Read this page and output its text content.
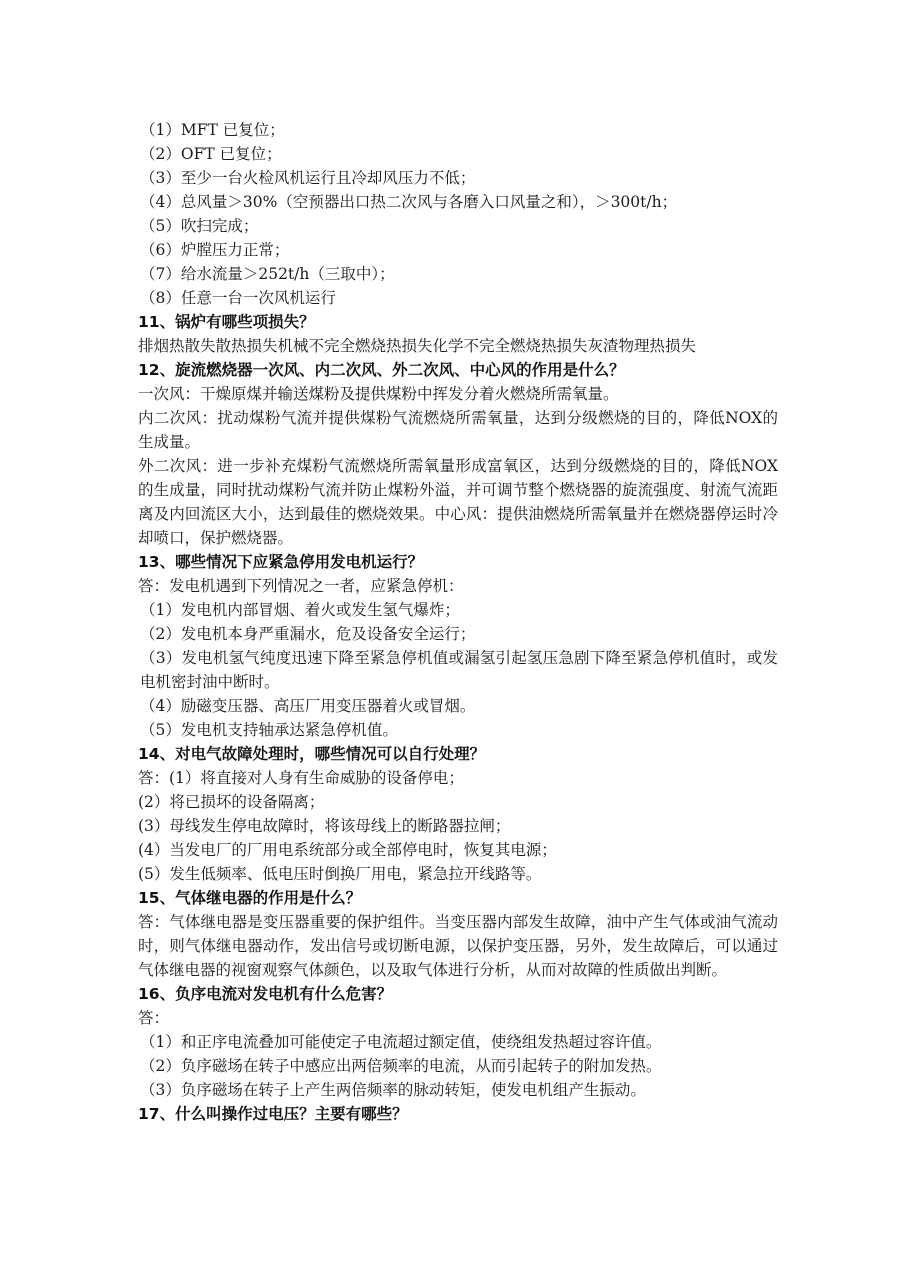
（1）MFT 已复位；
（2）OFT 已复位；
（3）至少一台火检风机运行且冷却风压力不低；
（4）总风量＞30%（空预器出口热二次风与各磨入口风量之和），＞300t/h；
（5）吹扫完成；
（6）炉膛压力正常；
（7）给水流量＞252t/h（三取中）；
（8）任意一台一次风机运行
11、锅炉有哪些项损失？
排烟热散失散热损失机械不完全燃烧热损失化学不完全燃烧热损失灰渣物理热损失
12、旋流燃烧器一次风、内二次风、外二次风、中心风的作用是什么？
一次风：干燥原煤并输送煤粉及提供煤粉中挥发分着火燃烧所需氧量。
内二次风：扰动煤粉气流并提供煤粉气流燃烧所需氧量，达到分级燃烧的目的，降低NOX的生成量。
外二次风：进一步补充煤粉气流燃烧所需氧量形成富氧区，达到分级燃烧的目的，降低NOX的生成量，同时扰动煤粉气流并防止煤粉外溢，并可调节整个燃烧器的旋流强度、射流气流距离及内回流区大小，达到最佳的燃烧效果。中心风：提供油燃烧所需氧量并在燃烧器停运时冷却喷口，保护燃烧器。
13、哪些情况下应紧急停用发电机运行？
答：发电机遇到下列情况之一者，应紧急停机：
（1）发电机内部冒烟、着火或发生氢气爆炸；
（2）发电机本身严重漏水，危及设备安全运行；
（3）发电机氢气纯度迅速下降至紧急停机值或漏氢引起氢压急剧下降至紧急停机值时，或发电机密封油中断时。
（4）励磁变压器、高压厂用变压器着火或冒烟。
（5）发电机支持轴承达紧急停机值。
14、对电气故障处理时，哪些情况可以自行处理？
答：(1）将直接对人身有生命威胁的设备停电；
(2）将已损坏的设备隔离；
(3）母线发生停电故障时，将该母线上的断路器拉闸；
(4）当发电厂的厂用电系统部分或全部停电时，恢复其电源；
(5）发生低频率、低电压时倒换厂用电，紧急拉开线路等。
15、气体继电器的作用是什么？
答：气体继电器是变压器重要的保护组件。当变压器内部发生故障，油中产生气体或油气流动时，则气体继电器动作，发出信号或切断电源，以保护变压器，另外，发生故障后，可以通过气体继电器的视窗观察气体颜色，以及取气体进行分析，从而对故障的性质做出判断。
16、负序电流对发电机有什么危害？
答：
（1）和正序电流叠加可能使定子电流超过额定值，使绕组发热超过容许值。
（2）负序磁场在转子中感应出两倍频率的电流，从而引起转子的附加发热。
（3）负序磁场在转子上产生两倍频率的脉动转矩，使发电机组产生振动。
17、什么叫操作过电压？主要有哪些？
